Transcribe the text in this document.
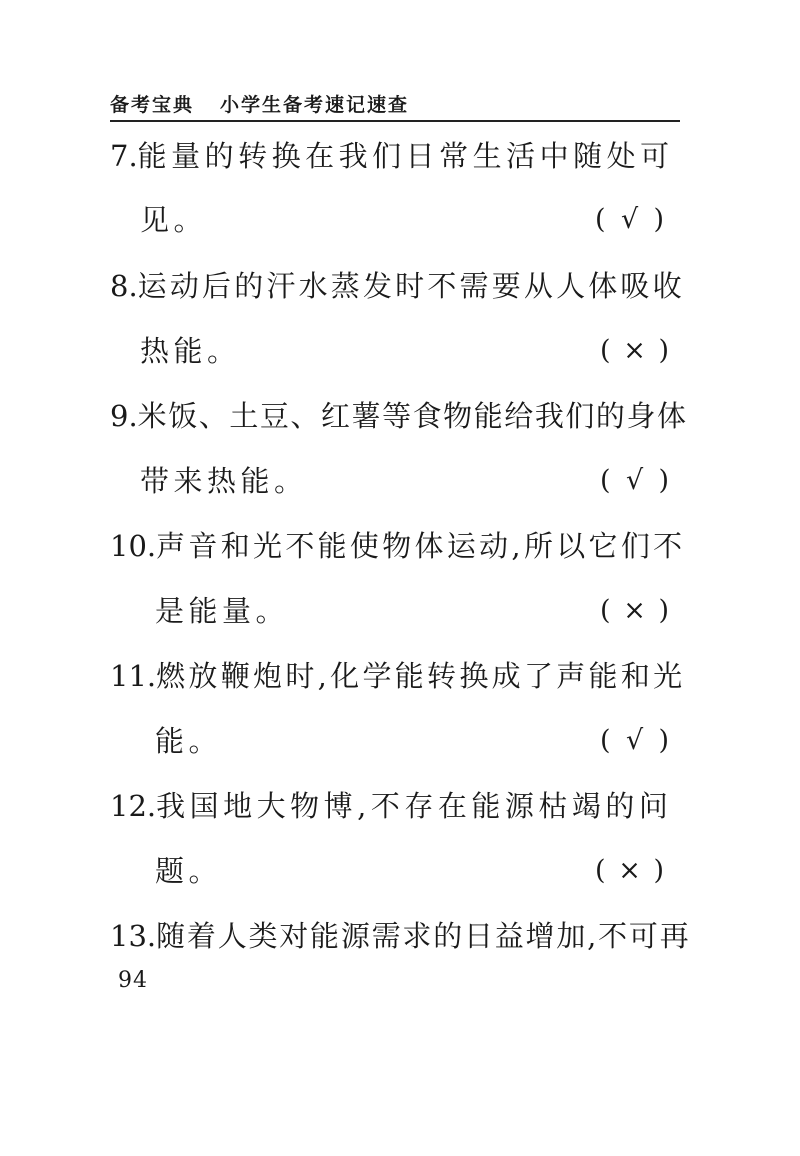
备考宝典 小学生备考速记速查
7.能量的转换在我们日常生活中随处可
见。	( √ )
8.运动后的汗水蒸发时不需要从人体吸收
热能。	( × )
9.米饭、土豆、红薯等食物能给我们的身体
带来热能。	( √ )
10.声音和光不能使物体运动,所以它们不
是能量。	( × )
11.燃放鞭炮时,化学能转换成了声能和光
能。	( √ )
12.我国地大物博,不存在能源枯竭的问
题。	( × )
13.随着人类对能源需求的日益增加,不可再
94
